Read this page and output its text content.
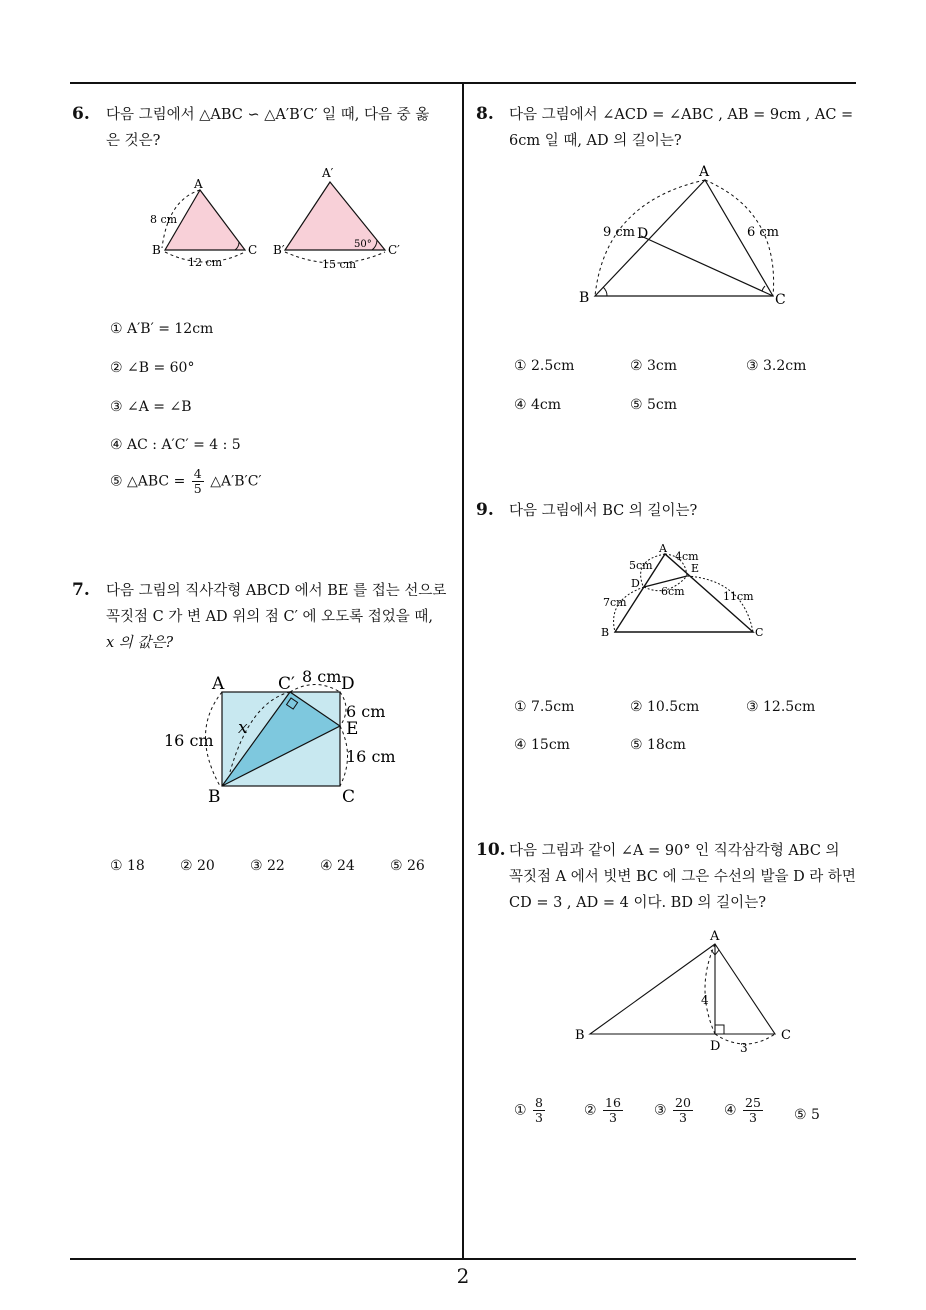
6. 다음 그림에서 △ABC ∽ △A′B′C′ 일 때, 다음 중 옳
은 것은?
A
B	C
8 cm
12 cm
A′
B′	C′
50°
15 cm
① A′B′ = 12cm
② ∠B = 60°
③ ∠A = ∠B
④ AC : A′C′ = 4 : 5
⑤ △ABC = $\frac{4}{5}$ △A′B′C′
7. 다음 그림의 직사각형 ABCD 에서 BE 를 접는 선으로
꼭짓점 C 가 변 AD 위의 점 C′ 에 오도록 접었을 때,
x 의 값은?
A	C′ 8 cm D
6 cm
E
x
16 cm
16 cm
B	C
① 18	② 20	③ 22	④ 24	⑤ 26
8. 다음 그림에서 ∠ACD = ∠ABC , AB = 9cm , AC =
6cm 일 때, AD 의 길이는?
A
9 cm D	6 cm
B	C
① 2.5cm	② 3cm	③ 3.2cm
④ 4cm	⑤ 5cm
9. 다음 그림에서 BC 의 길이는?
A
4cm
5cm	E
D
6cm	11cm
7cm
B	C
① 7.5cm	② 10.5cm	③ 12.5cm
④ 15cm	⑤ 18cm
10. 다음 그림과 같이 ∠A = 90° 인 직각삼각형 ABC 의
꼭짓점 A 에서 빗변 BC 에 그은 수선의 발을 D 라 하면
CD = 3 , AD = 4 이다. BD 의 길이는?
A
4
B	C
D 3
① $\frac{8}{3}$	② $\frac{16}{3}$ ③ $\frac{20}{3}$ ④ $\frac{25}{3}$ ⑤ 5
2
